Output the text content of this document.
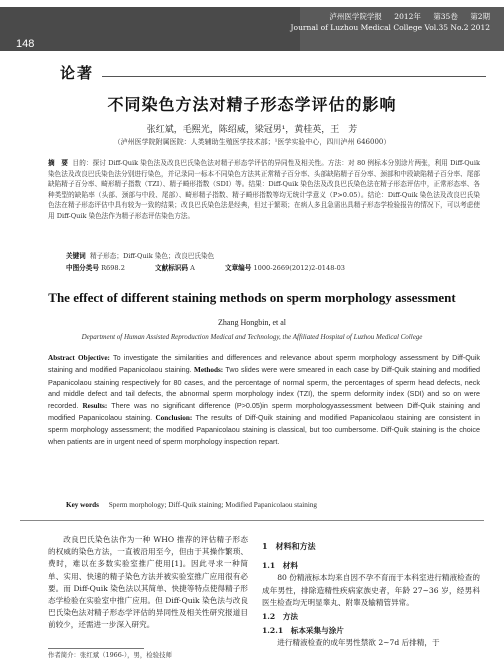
泸州医学院学报 2012年 第35卷 第2期
Journal of Luzhou Medical College Vol.35 No.2 2012
148
论著
不同染色方法对精子形态学评估的影响
张红斌，毛熙光，陈绍威，梁冠男¹，黄桂英，王　芳
（泸州医学院附属医院：人类辅助生殖医学技术部；¹医学实验中心，四川泸州 646000）
摘　要 目的：探讨 Diff-Quik 染色法及改良巴氏染色法对精子形态学评估的异同性及相关性。方法：对 80 例标本分别涂片两张，利用 Diff-Quik 染色法及改良巴氏染色法分别进行染色，并记录同一标本不同染色方法其正常精子百分率、头部缺陷精子百分率、颈部和中段缺陷精子百分率、尾部缺陷精子百分率、畸形精子指数（TZI）、精子畸形指数（SDI）等。结果：Diff-Quik 染色法及改良巴氏染色法在精子形态评估中，正常形态率、各种类型的缺陷率（头部、颈部与中段、尾部）、畸形精子指数、精子畸形指数等均无统计学意义（P>0.05）。结论：Diff-Quik 染色法及改良巴氏染色法在精子形态评估中具有较为一致的结果；改良巴氏染色法是经典，但过于繁琐；在病人多且急需出具精子形态学检验报告的情况下，可以考虑使用 Diff-Quik 染色法作为精子形态评估染色方法。
关键词 精子形态；Diff-Quik 染色；改良巴氏染色
中图分类号 R698.2	文献标识码 A	文章编号 1000-2669(2012)2-0148-03
The effect of different staining methods on sperm morphology assessment
Zhang Hongbin, et al
Department of Human Assisted Reproduction Medical and Technology, the Affiliated Hospital of Luzhou Medical College
Abstract Objective: To investigate the similarities and differences and relevance about sperm morphology assessment by Diff-Quik staining and modified Papanicolaou staining. Methods: Two slides were were smeared in each case by Diff-Quik staining and modified Papanicolaou staining respectively for 80 cases, and the percentage of normal sperm, the percentages of sperm head defects, neck and middle defect and tail defects, the abnormal sperm morphology index (TZI), the sperm deformity index (SDI) and so on were recorded. Results: There was no significant difference (P>0.05)in sperm morphologyassessment between Diff-Quik staining and modified Papanicolaou staining. Conclusion: The results of Diff-Quik staining and modified Papanicolaou staining are consistent in sperm morphology assessment; the modified Papanicolaou staining is classical, but too cumbersome. Diff-Quik staining is the choice when patients are in urgent need of sperm morphology inspection repart.
Key words Sperm morphology; Diff-Quik staining; Modified Papanicolaou staining

改良巴氏染色法作为一种 WHO 推荐的评估精子形态的权威的染色方法，一直被沿用至今，但由于其操作繁琐、费时，难以在多数实验室推广使用[1]。因此寻求一种简单、实用、快速的精子染色方法并被实验室推广应用很有必要。而 Diff-Quik 染色法以其简单、快捷等特点使得精子形态学检验在实验室中推广应用。但 Diff-Quik 染色法与改良巴氏染色法对精子形态学评估的异同性及相关性研究报道目前较少，还需进一步深入研究。

作者简介：张红斌（1966-），男，检验技师
1　材料和方法
1.1　材料

80 份精液标本均来自因不孕不育而于本科室进行精液检查的成年男性，排除造精性疾病家族史者，年龄 27~36 岁，经男科医生检查均无明显睾丸、附睾及输精管异常。

1.2　方法
1.2.1　标本采集与涂片

进行精液检查的成年男性禁欲 2~7d 后排精，于
